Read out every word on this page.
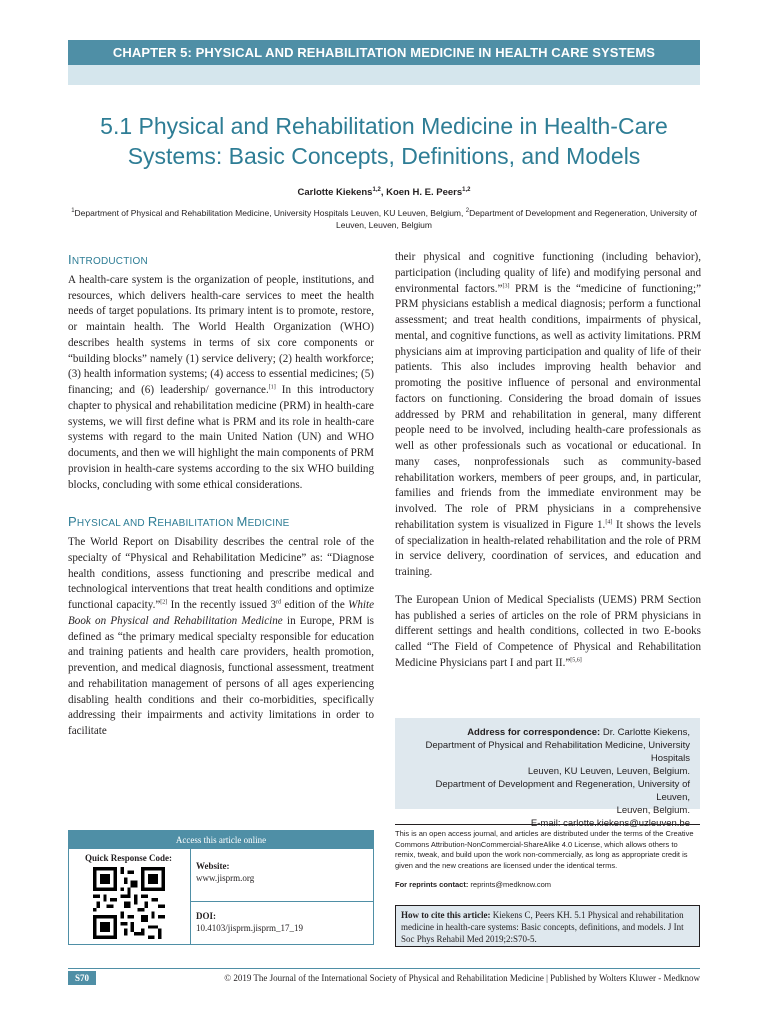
CHAPTER 5: PHYSICAL AND REHABILITATION MEDICINE IN HEALTH CARE SYSTEMS
5.1 Physical and Rehabilitation Medicine in Health-Care
Systems: Basic Concepts, Definitions, and Models
Carlotte Kiekens$^{1,2}$, Koen H. E. Peers$^{1,2}$
$^1$Department of Physical and Rehabilitation Medicine, University Hospitals Leuven, KU Leuven, Belgium, $^2$Department of Development and Regeneration, University of Leuven, Leuven, Belgium
INTRODUCTION

A health-care system is the organization of people, institutions, and resources, which delivers health-care services to meet the health needs of target populations. Its primary intent is to promote, restore, or maintain health. The World Health Organization (WHO) describes health systems in terms of six core components or “building blocks” namely (1) service delivery; (2) health workforce; (3) health information systems; (4) access to essential medicines; (5) financing; and (6) leadership/ governance.[1] In this introductory chapter to physical and rehabilitation medicine (PRM) in health-care systems, we will first define what is PRM and its role in health-care systems with regard to the main United Nation (UN) and WHO documents, and then we will highlight the main components of PRM provision in health-care systems according to the six WHO building blocks, concluding with some ethical considerations.

PHYSICAL AND REHABILITATION MEDICINE

The World Report on Disability describes the central role of the specialty of “Physical and Rehabilitation Medicine” as: “Diagnose health conditions, assess functioning and prescribe medical and technological interventions that treat health conditions and optimize functional capacity.”[2] In the recently issued 3rd edition of the White Book on Physical and Rehabilitation Medicine in Europe, PRM is defined as “the primary medical specialty responsible for education and training patients and health care providers, health promotion, prevention, and medical diagnosis, functional assessment, treatment and rehabilitation management of persons of all ages experiencing disabling health conditions and their co-morbidities, specifically addressing their impairments and activity limitations in order to facilitate

their physical and cognitive functioning (including behavior), participation (including quality of life) and modifying personal and environmental factors.”[3] PRM is the “medicine of functioning;” PRM physicians establish a medical diagnosis; perform a functional assessment; and treat health conditions, impairments of physical, mental, and cognitive functions, as well as activity limitations. PRM physicians aim at improving participation and quality of life of their patients. This also includes improving health behavior and promoting the positive influence of personal and environmental factors on functioning. Considering the broad domain of issues addressed by PRM and rehabilitation in general, many different people need to be involved, including health-care professionals as well as other professionals such as vocational or educational. In many cases, nonprofessionals such as community-based rehabilitation workers, members of peer groups, and, in particular, families and friends from the immediate environment may be involved. The role of PRM physicians in a comprehensive rehabilitation system is visualized in Figure 1.[4] It shows the levels of specialization in health-related rehabilitation and the role of PRM in service delivery, coordination of services, and education and training.

The European Union of Medical Specialists (UEMS) PRM Section has published a series of articles on the role of PRM physicians in different settings and health conditions, collected in two E-books called “The Field of Competence of Physical and Rehabilitation Medicine Physicians part I and part II.”[5,6]

Address for correspondence: Dr. Carlotte Kiekens,
Department of Physical and Rehabilitation Medicine, University Hospitals
Leuven, KU Leuven, Leuven, Belgium.
Department of Development and Regeneration, University of Leuven,
Leuven, Belgium.
E-mail: carlotte.kiekens@uzleuven.be
This is an open access journal, and articles are distributed under the terms of the Creative Commons Attribution-NonCommercial-ShareAlike 4.0 License, which allows others to remix, tweak, and build upon the work non-commercially, as long as appropriate credit is given and the new creations are licensed under the identical terms.
For reprints contact: reprints@medknow.com
How to cite this article: Kiekens C, Peers KH. 5.1 Physical and rehabilitation medicine in health-care systems: Basic concepts, definitions, and models. J Int Soc Phys Rehabil Med 2019;2:S70-5.
Access this article online
Quick Response Code:
Website:
www.jisprm.org
DOI:
10.4103/jisprm.jisprm_17_19
S70	© 2019 The Journal of the International Society of Physical and Rehabilitation Medicine | Published by Wolters Kluwer - Medknow
